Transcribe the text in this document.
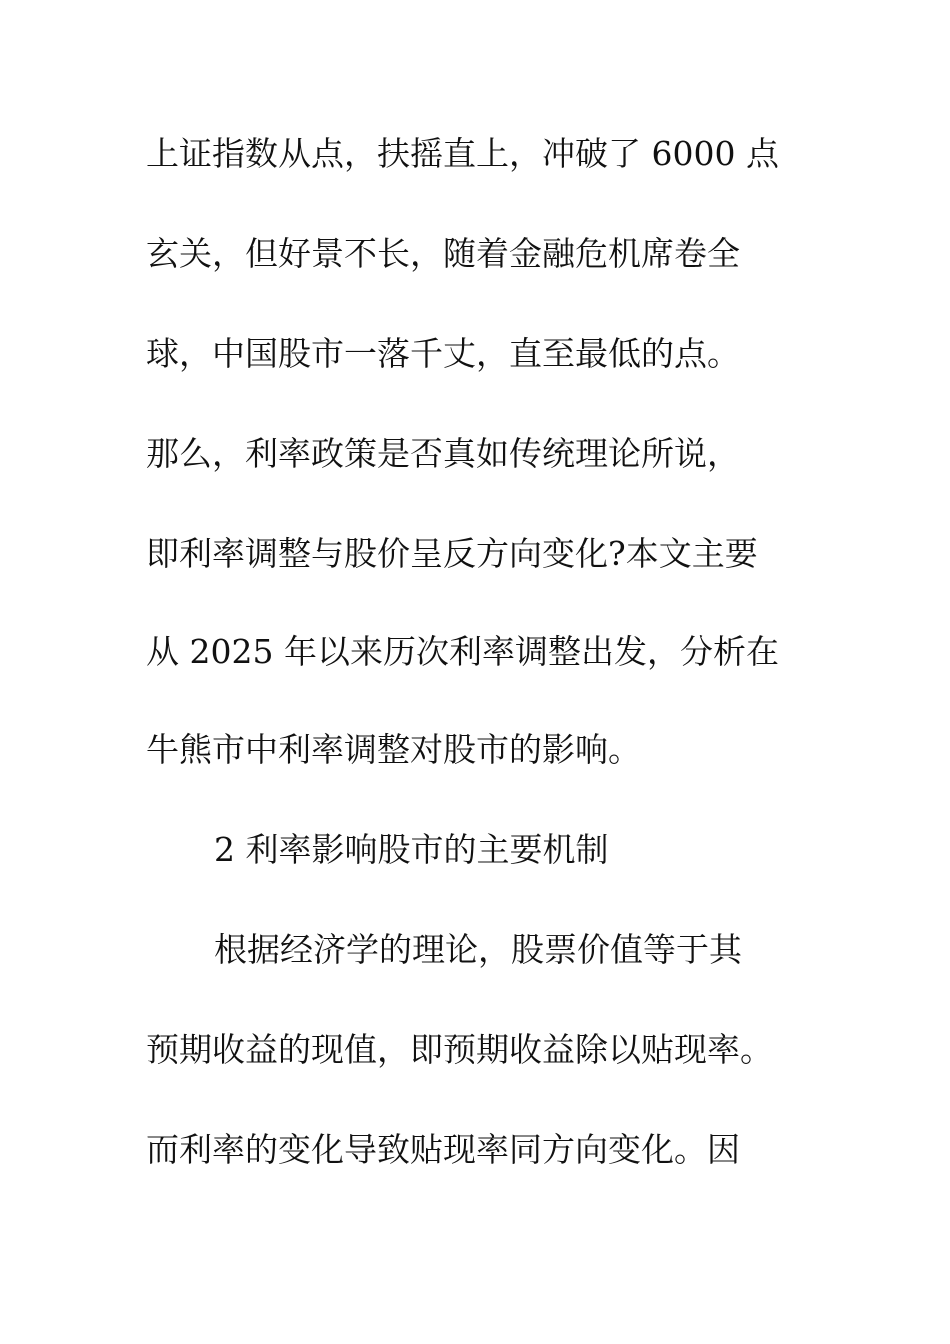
上证指数从点，扶摇直上，冲破了 6000 点
玄关，但好景不长，随着金融危机席卷全
球，中国股市一落千丈，直至最低的点。
那么，利率政策是否真如传统理论所说，
即利率调整与股价呈反方向变化?本文主要
从 2025 年以来历次利率调整出发，分析在
牛熊市中利率调整对股市的影响。
2 利率影响股市的主要机制
根据经济学的理论，股票价值等于其
预期收益的现值，即预期收益除以贴现率。
而利率的变化导致贴现率同方向变化。因
